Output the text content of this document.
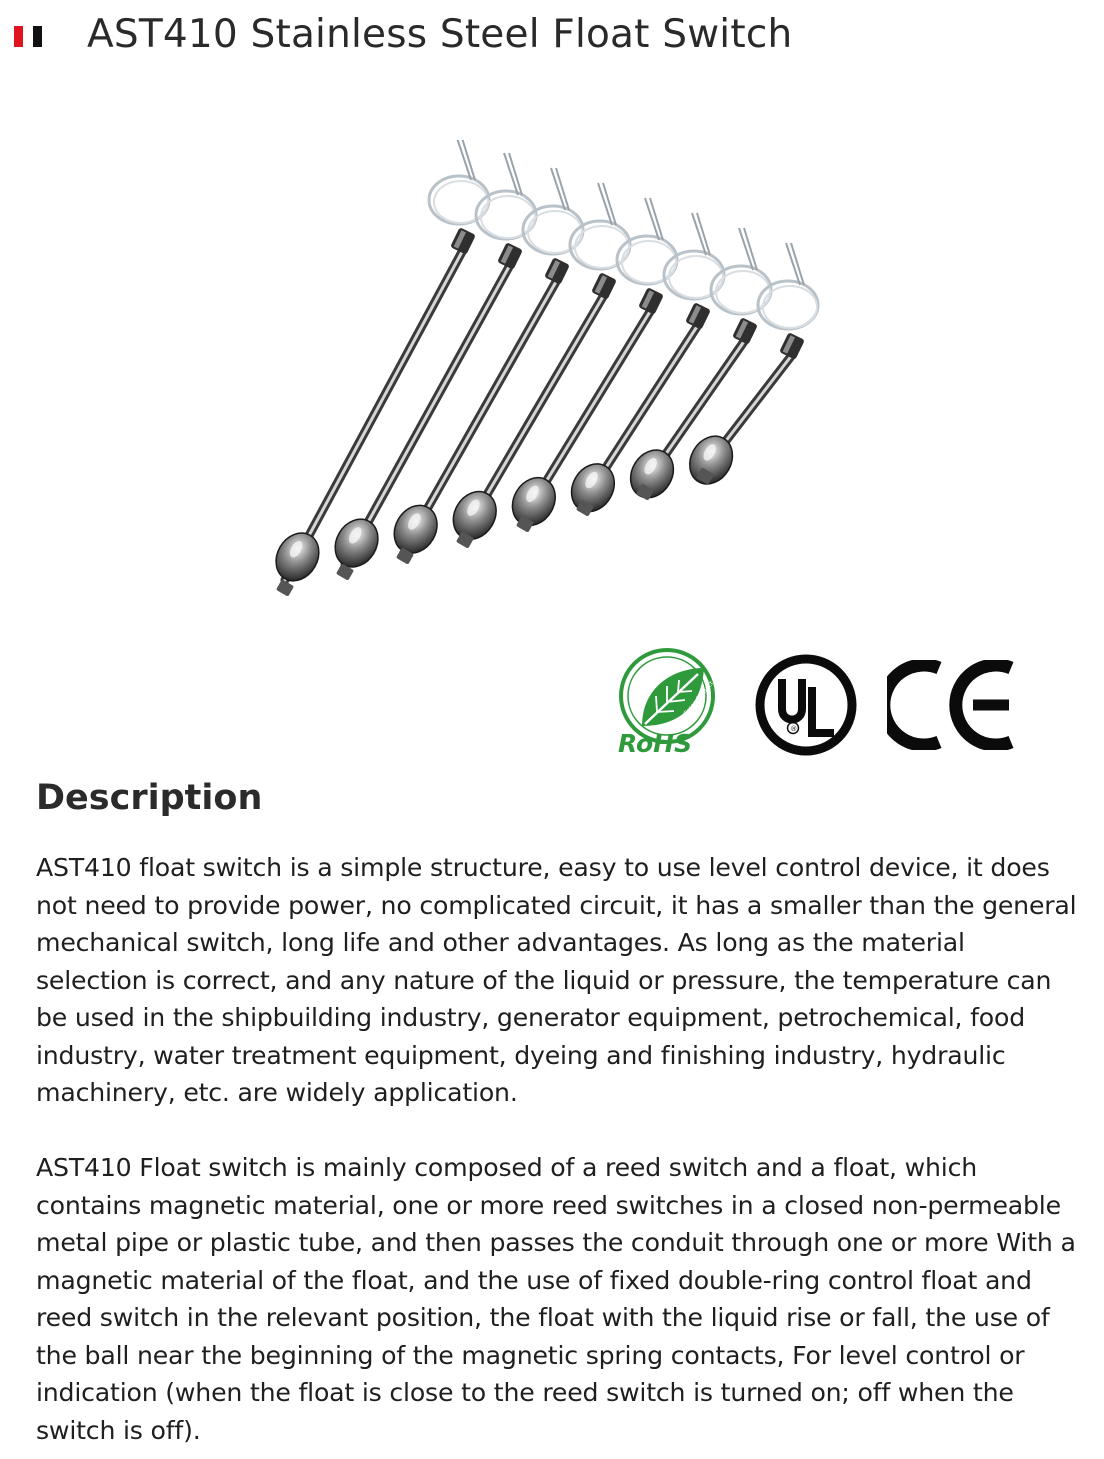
AST410 Stainless Steel Float Switch
RoHS
Green Product
®
Description

AST410 float switch is a simple structure, easy to use level control device, it does not need to provide power, no complicated circuit, it has a smaller than the general mechanical switch, long life and other advantages. As long as the material selection is correct, and any nature of the liquid or pressure, the temperature can be used in the shipbuilding industry, generator equipment, petrochemical, food industry, water treatment equipment, dyeing and finishing industry, hydraulic machinery, etc. are widely application.

AST410 Float switch is mainly composed of a reed switch and a float, which contains magnetic material, one or more reed switches in a closed non-permeable metal pipe or plastic tube, and then passes the conduit through one or more With a magnetic material of the float, and the use of fixed double-ring control float and reed switch in the relevant position, the float with the liquid rise or fall, the use of the ball near the beginning of the magnetic spring contacts, For level control or indication (when the float is close to the reed switch is turned on; off when the switch is off).
